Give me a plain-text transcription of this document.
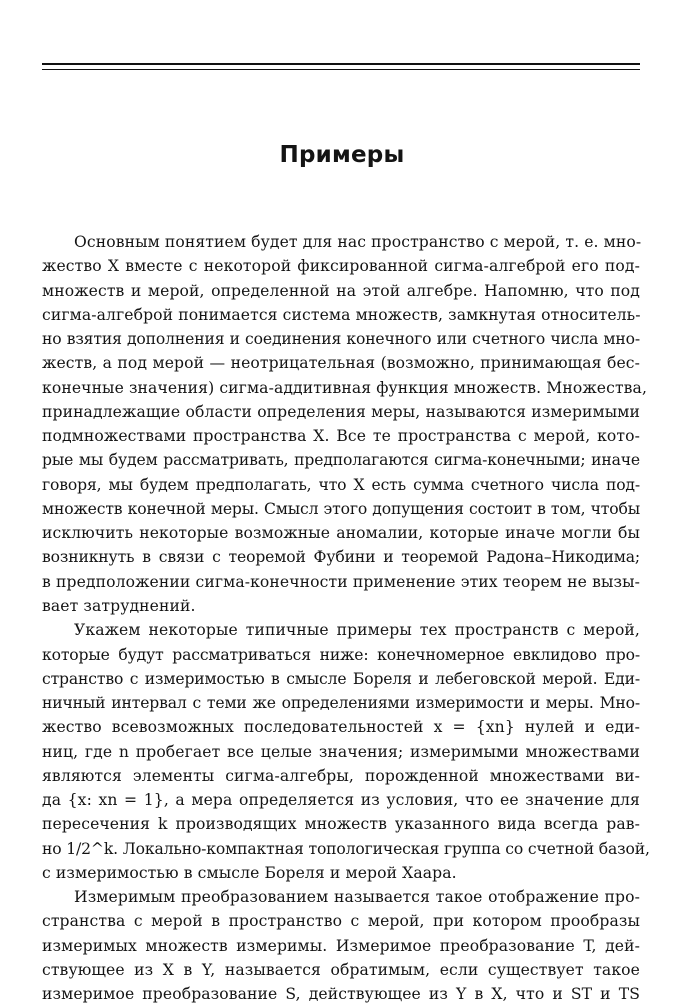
Примеры
Основным понятием будет для нас пространство с мерой, т. е. мно-
жество X вместе с некоторой фиксированной сигма-алгеброй его под-
множеств и мерой, определенной на этой алгебре. Напомню, что под
сигма-алгеброй понимается система множеств, замкнутая относитель-
но взятия дополнения и соединения конечного или счетного числа мно-
жеств, а под мерой — неотрицательная (возможно, принимающая бес-
конечные значения) сигма-аддитивная функция множеств. Множества,
принадлежащие области определения меры, называются измеримыми
подмножествами пространства X. Все те пространства с мерой, кото-
рые мы будем рассматривать, предполагаются сигма-конечными; иначе
говоря, мы будем предполагать, что X есть сумма счетного числа под-
множеств конечной меры. Смысл этого допущения состоит в том, чтобы
исключить некоторые возможные аномалии, которые иначе могли бы
возникнуть в связи с теоремой Фубини и теоремой Радона–Никодима;
в предположении сигма-конечности применение этих теорем не вызы-
вает затруднений.
Укажем некоторые типичные примеры тех пространств с мерой,
которые будут рассматриваться ниже: конечномерное евклидово про-
странство с измеримостью в смысле Бореля и лебеговской мерой. Еди-
ничный интервал с теми же определениями измеримости и меры. Мно-
жество всевозможных последовательностей x = {xn} нулей и еди-
ниц, где n пробегает все целые значения; измеримыми множествами
являются элементы сигма-алгебры, порожденной множествами ви-
да {x: xn = 1}, а мера определяется из условия, что ее значение для
пересечения k производящих множеств указанного вида всегда рав-
но 1/2^k. Локально-компактная топологическая группа со счетной базой,
с измеримостью в смысле Бореля и мерой Хаара.
Измеримым преобразованием называется такое отображение про-
странства с мерой в пространство с мерой, при котором прообразы
измеримых множеств измеримы. Измеримое преобразование T, дей-
ствующее из X в Y, называется обратимым, если существует такое
измеримое преобразование S, действующее из Y в X, что и ST и TS
